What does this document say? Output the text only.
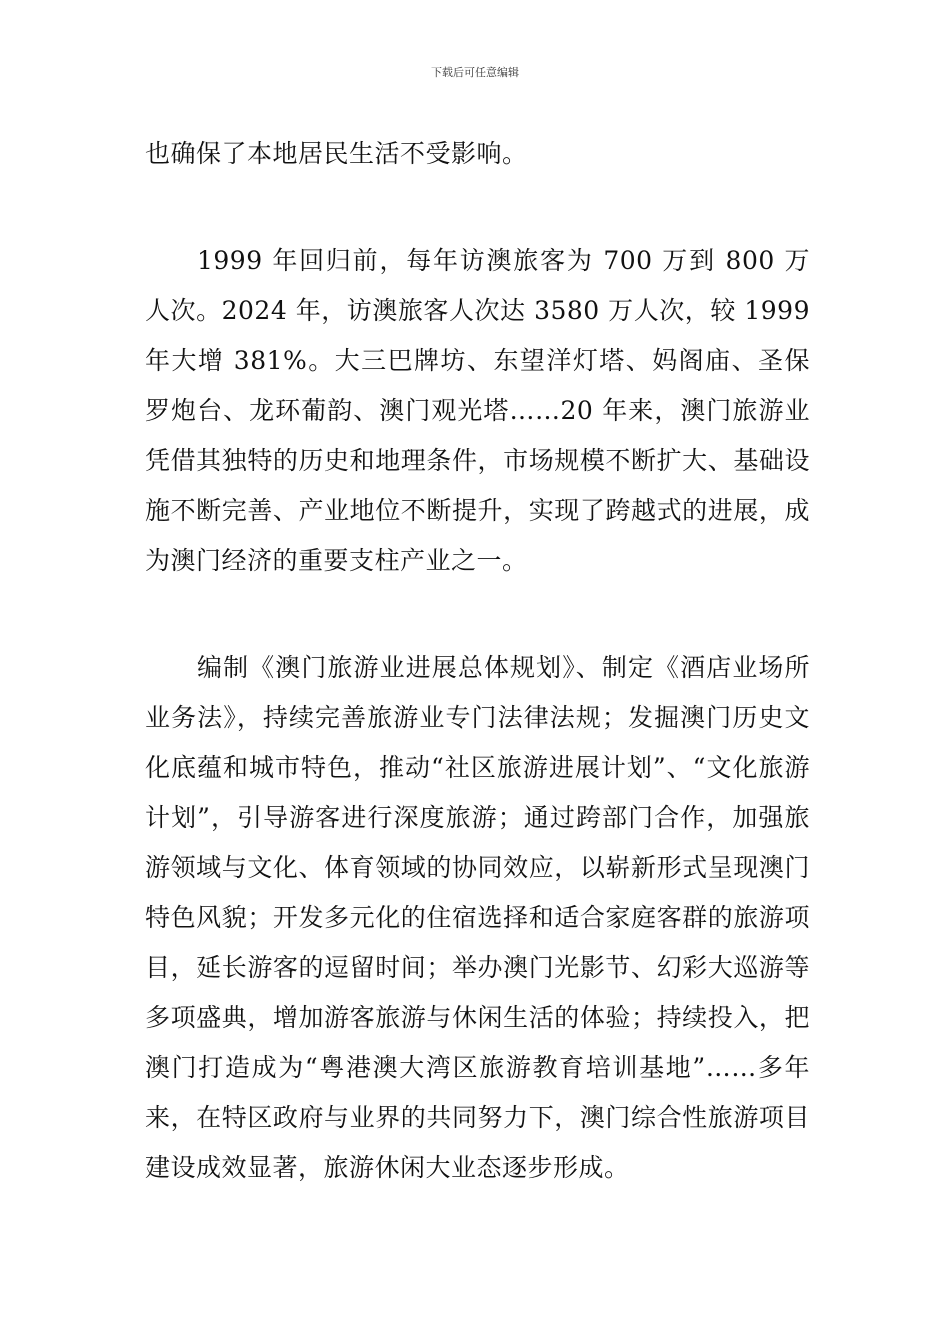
下载后可任意编辑

也确保了本地居民生活不受影响。

1999 年回归前，每年访澳旅客为 700 万到 800 万人次。2024 年，访澳旅客人次达 3580 万人次，较 1999 年大增 381%。大三巴牌坊、东望洋灯塔、妈阁庙、圣保罗炮台、龙环葡韵、澳门观光塔……20 年来，澳门旅游业凭借其独特的历史和地理条件，市场规模不断扩大、基础设施不断完善、产业地位不断提升，实现了跨越式的进展，成为澳门经济的重要支柱产业之一。

编制《澳门旅游业进展总体规划》、制定《酒店业场所业务法》，持续完善旅游业专门法律法规；发掘澳门历史文化底蕴和城市特色，推动“社区旅游进展计划”、“文化旅游计划”，引导游客进行深度旅游；通过跨部门合作，加强旅游领域与文化、体育领域的协同效应，以崭新形式呈现澳门特色风貌；开发多元化的住宿选择和适合家庭客群的旅游项目，延长游客的逗留时间；举办澳门光影节、幻彩大巡游等多项盛典，增加游客旅游与休闲生活的体验；持续投入，把澳门打造成为“粤港澳大湾区旅游教育培训基地”……多年来，在特区政府与业界的共同努力下，澳门综合性旅游项目建设成效显著，旅游休闲大业态逐步形成。
